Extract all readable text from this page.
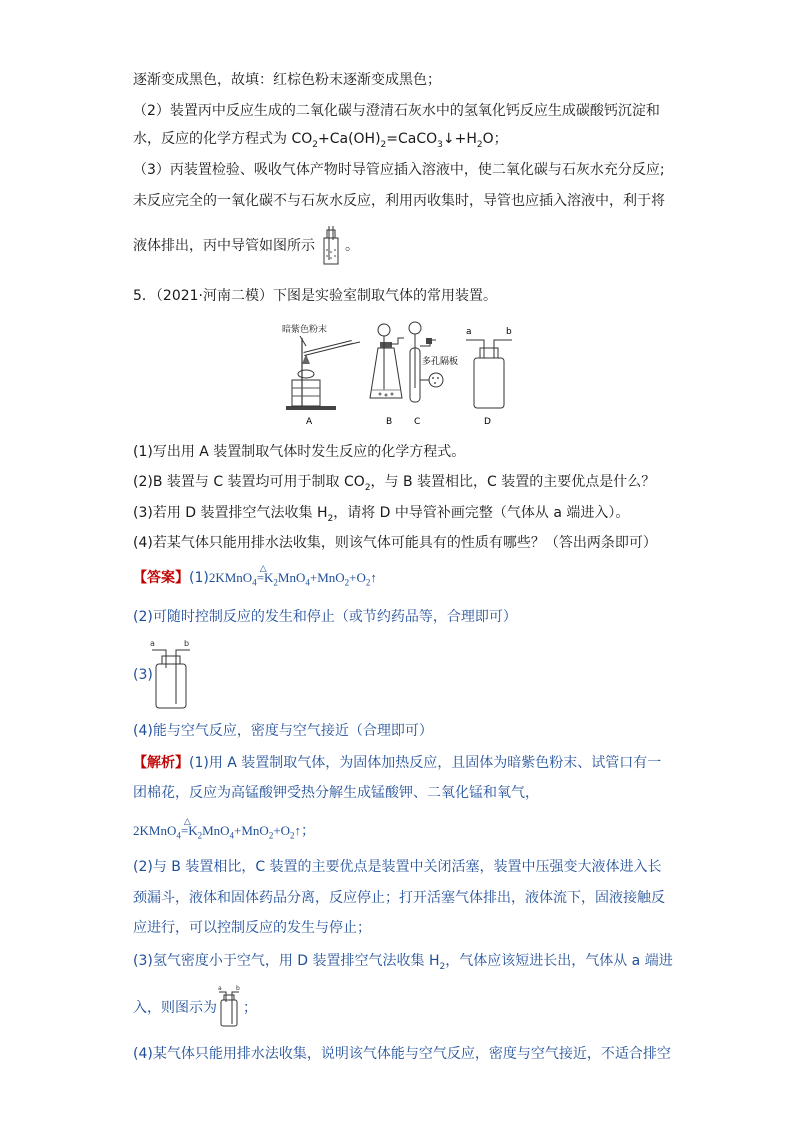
逐渐变成黑色，故填：红棕色粉末逐渐变成黑色；
（2）装置丙中反应生成的二氧化碳与澄清石灰水中的氢氧化钙反应生成碳酸钙沉淀和
水，反应的化学方程式为 $CO_2+Ca(OH)_2=CaCO_3↓+H_2O$；
（3）丙装置检验、吸收气体产物时导管应插入溶液中，使二氧化碳与石灰水充分反应;
未反应完全的一氧化碳不与石灰水反应，利用丙收集时，导管也应插入溶液中，利于将
液体排出，丙中导管如图所示 。
5．（2021·河南二模）下图是实验室制取气体的常用装置。
暗紫色粉末
A	B
多孔隔板
C
a	b
D
(1)写出用 A 装置制取气体时发生反应的化学方程式。
(2)B 装置与 C 装置均可用于制取 $CO_2$，与 B 装置相比，C 装置的主要优点是什么？
(3)若用 D 装置排空气法收集 $H_2$，请将 D 中导管补画完整（气体从 a 端进入）。
(4)若某气体只能用排水法收集，则该气体可能具有的性质有哪些？（答出两条即可）
【答案】(1)2KMnO$_4$=
△
$K_2MnO_4+MnO_2+O_2↑$
(2)可随时控制反应的发生和停止（或节约药品等，合理即可）
(3)
a	b
(4)能与空气反应，密度与空气接近（合理即可）
【解析】(1)用 A 装置制取气体，为固体加热反应，且固体为暗紫色粉末、试管口有一
团棉花，反应为高锰酸钾受热分解生成锰酸钾、二氧化锰和氧气，
2KMnO$_4$=
△
$K_2MnO_4+MnO_2+O_2↑$；
(2)与 B 装置相比，C 装置的主要优点是装置中关闭活塞，装置中压强变大液体进入长
颈漏斗，液体和固体药品分离，反应停止；打开活塞气体排出，液体流下，固液接触反
应进行，可以控制反应的发生与停止；
(3)氢气密度小于空气，用 D 装置排空气法收集 $H_2$，气体应该短进长出，气体从 a 端进
入，则图示为 ；
a b
(4)某气体只能用排水法收集，说明该气体能与空气反应，密度与空气接近，不适合排空
